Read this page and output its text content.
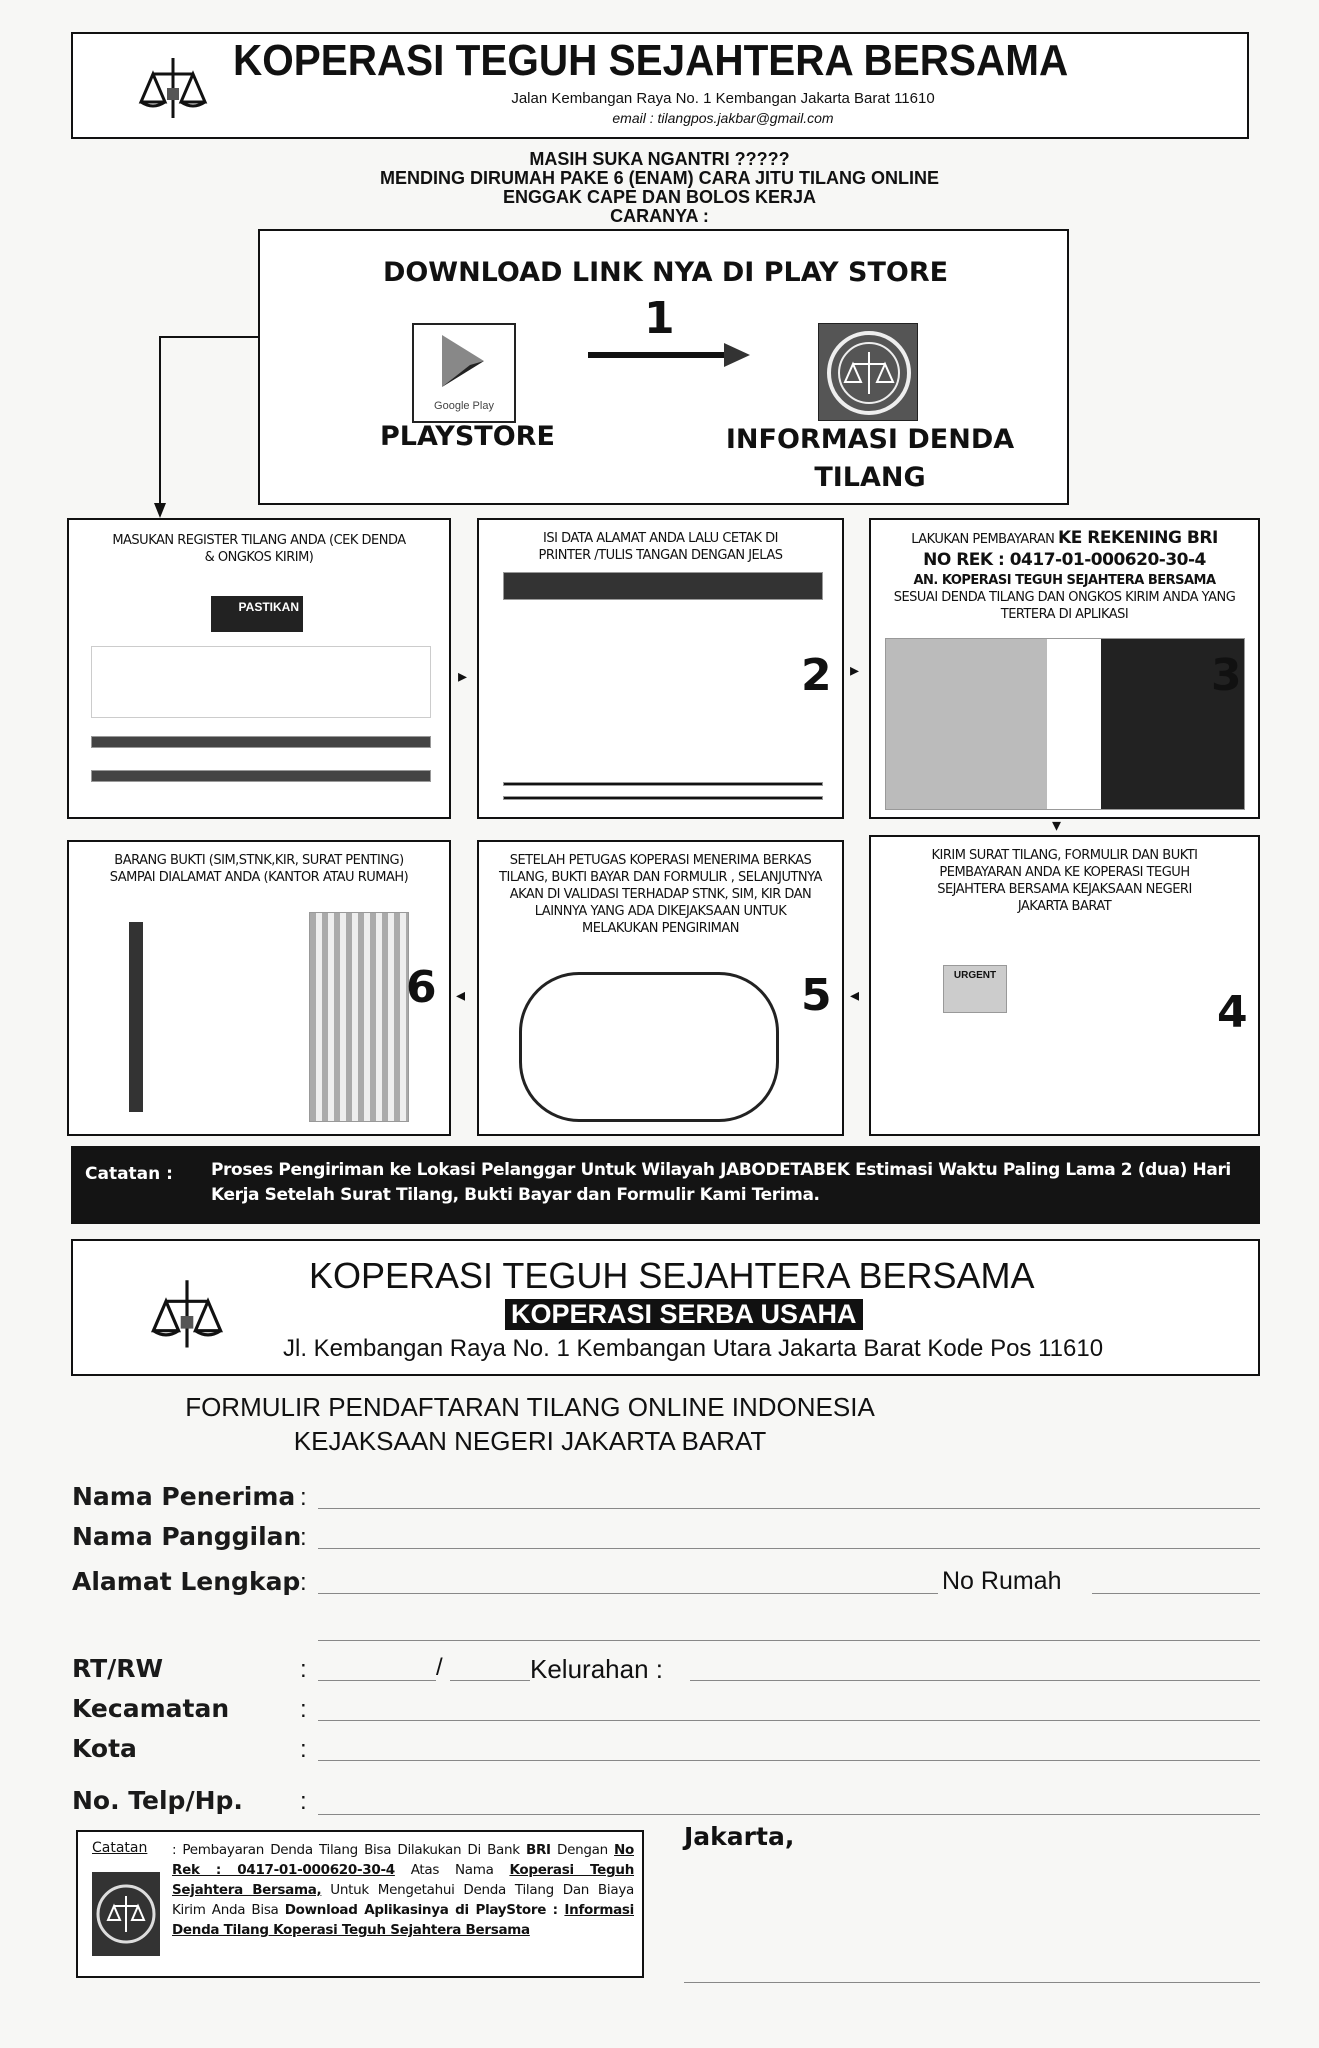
KOPERASI TEGUH SEJAHTERA BERSAMA
Jalan Kembangan Raya No. 1 Kembangan Jakarta Barat 11610
email : tilangpos.jakbar@gmail.com
MASIH SUKA NGANTRI ?????
MENDING DIRUMAH PAKE 6 (ENAM) CARA JITU TILANG ONLINE
ENGGAK CAPE DAN BOLOS KERJA
CARANYA :
DOWNLOAD LINK NYA DI PLAY STORE
1
Google Play
PLAYSTORE	INFORMASI DENDA
TILANG
MASUKAN REGISTER TILANG ANDA (CEK DENDA & ONGKOS KIRIM)
PASTIKAN
▸
ISI DATA ALAMAT ANDA LALU CETAK DI PRINTER /TULIS TANGAN DENGAN JELAS
2 ▸
LAKUKAN PEMBAYARAN KE REKENING BRI
NO REK : 0417-01-000620-30-4
AN. KOPERASI TEGUH SEJAHTERA BERSAMA
SESUAI DENDA TILANG DAN ONGKOS KIRIM ANDA YANG TERTERA DI APLIKASI
3
▾
BARANG BUKTI (SIM,STNK,KIR, SURAT PENTING) SAMPAI DIALAMAT ANDA (KANTOR ATAU RUMAH)
6 ◂
SETELAH PETUGAS KOPERASI MENERIMA BERKAS TILANG, BUKTI BAYAR DAN FORMULIR , SELANJUTNYA AKAN DI VALIDASI TERHADAP STNK, SIM, KIR DAN LAINNYA YANG ADA DIKEJAKSAAN UNTUK MELAKUKAN PENGIRIMAN
5 ◂
KIRIM SURAT TILANG, FORMULIR DAN BUKTI PEMBAYARAN ANDA KE KOPERASI TEGUH SEJAHTERA BERSAMA KEJAKSAAN NEGERI JAKARTA BARAT
URGENT
4
Catatan : Proses Pengiriman ke Lokasi Pelanggar Untuk Wilayah JABODETABEK Estimasi Waktu Paling Lama 2 (dua) Hari Kerja Setelah Surat Tilang, Bukti Bayar dan Formulir Kami Terima.
KOPERASI TEGUH SEJAHTERA BERSAMA
KOPERASI SERBA USAHA
Jl. Kembangan Raya No. 1 Kembangan Utara Jakarta Barat Kode Pos 11610
FORMULIR PENDAFTARAN TILANG ONLINE INDONESIA
KEJAKSAAN NEGERI JAKARTA BARAT
Nama Penerima :
Nama Panggilan
:
Alamat Lengkap :	No Rumah
RT/RW	:	/	Kelurahan :
Kecamatan	:
Kota	:
No. Telp/Hp. :
Catatan : Pembayaran Denda Tilang Bisa Dilakukan Di Bank BRI Dengan No Rek : 0417-01-000620-30-4 Atas Nama Koperasi Teguh Sejahtera Bersama, Untuk Mengetahui Denda Tilang Dan Biaya Kirim Anda Bisa Download Aplikasinya di PlayStore : Informasi Denda Tilang Koperasi Teguh Sejahtera Bersama
Jakarta,
